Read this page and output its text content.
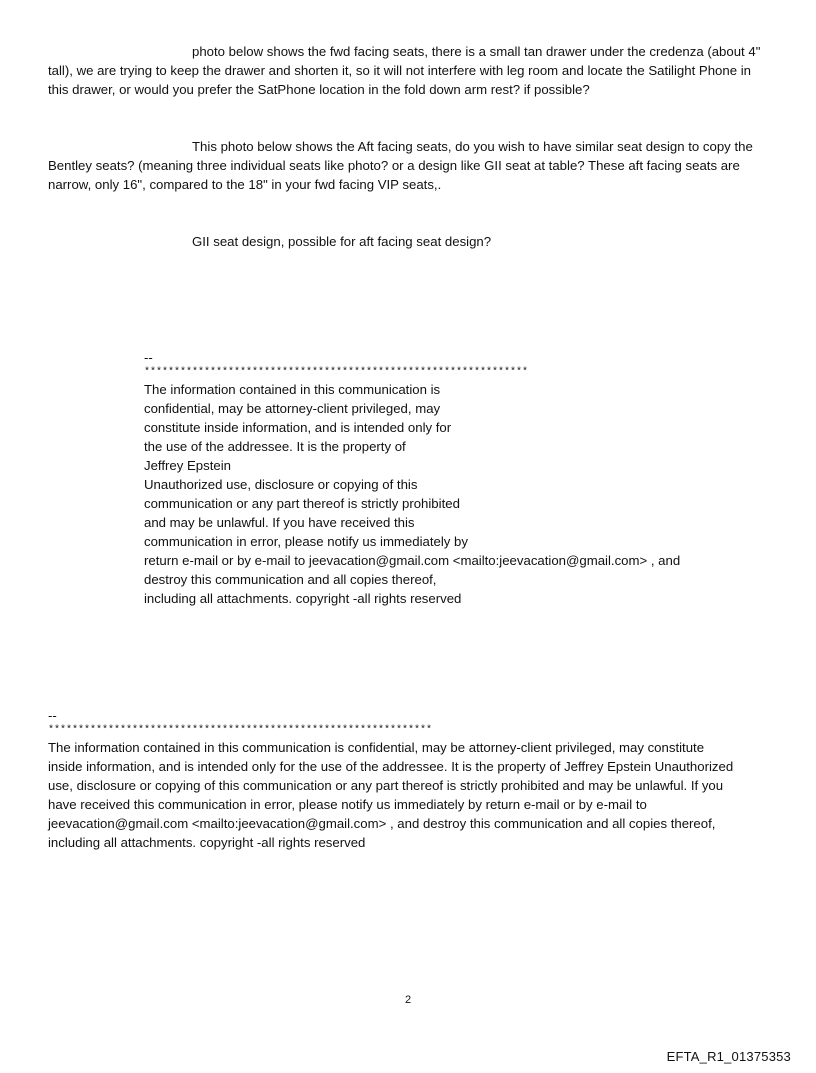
photo below shows the fwd facing seats, there is a small tan drawer under the credenza (about 4" tall), we are trying to keep the drawer and shorten it, so it will not interfere with leg room and locate the Satilight Phone in this drawer, or would you prefer the SatPhone location in the fold down arm rest? if possible?

This photo below shows the Aft facing seats, do you wish to have similar seat design to copy the Bentley seats? (meaning three individual seats like photo? or a design like GII seat at table? These aft facing seats are narrow, only 16", compared to the 18" in your fwd facing VIP seats,.

GII seat design, possible for aft facing seat design?

--
****************************************************************
The information contained in this communication is
confidential, may be attorney-client privileged, may
constitute inside information, and is intended only for
the use of the addressee. It is the property of
Jeffrey Epstein
Unauthorized use, disclosure or copying of this
communication or any part thereof is strictly prohibited
and may be unlawful. If you have received this
communication in error, please notify us immediately by
return e-mail or by e-mail to jeevacation@gmail.com <mailto:jeevacation@gmail.com> , and
destroy this communication and all copies thereof,
including all attachments. copyright -all rights reserved
--
****************************************************************
The information contained in this communication is confidential, may be attorney-client privileged, may constitute
inside information, and is intended only for the use of the addressee. It is the property of Jeffrey Epstein Unauthorized
use, disclosure or copying of this communication or any part thereof is strictly prohibited and may be unlawful. If you
have received this communication in error, please notify us immediately by return e-mail or by e-mail to
jeevacation@gmail.com <mailto:jeevacation@gmail.com> , and destroy this communication and all copies thereof,
including all attachments. copyright -all rights reserved
2
EFTA_R1_01375353
